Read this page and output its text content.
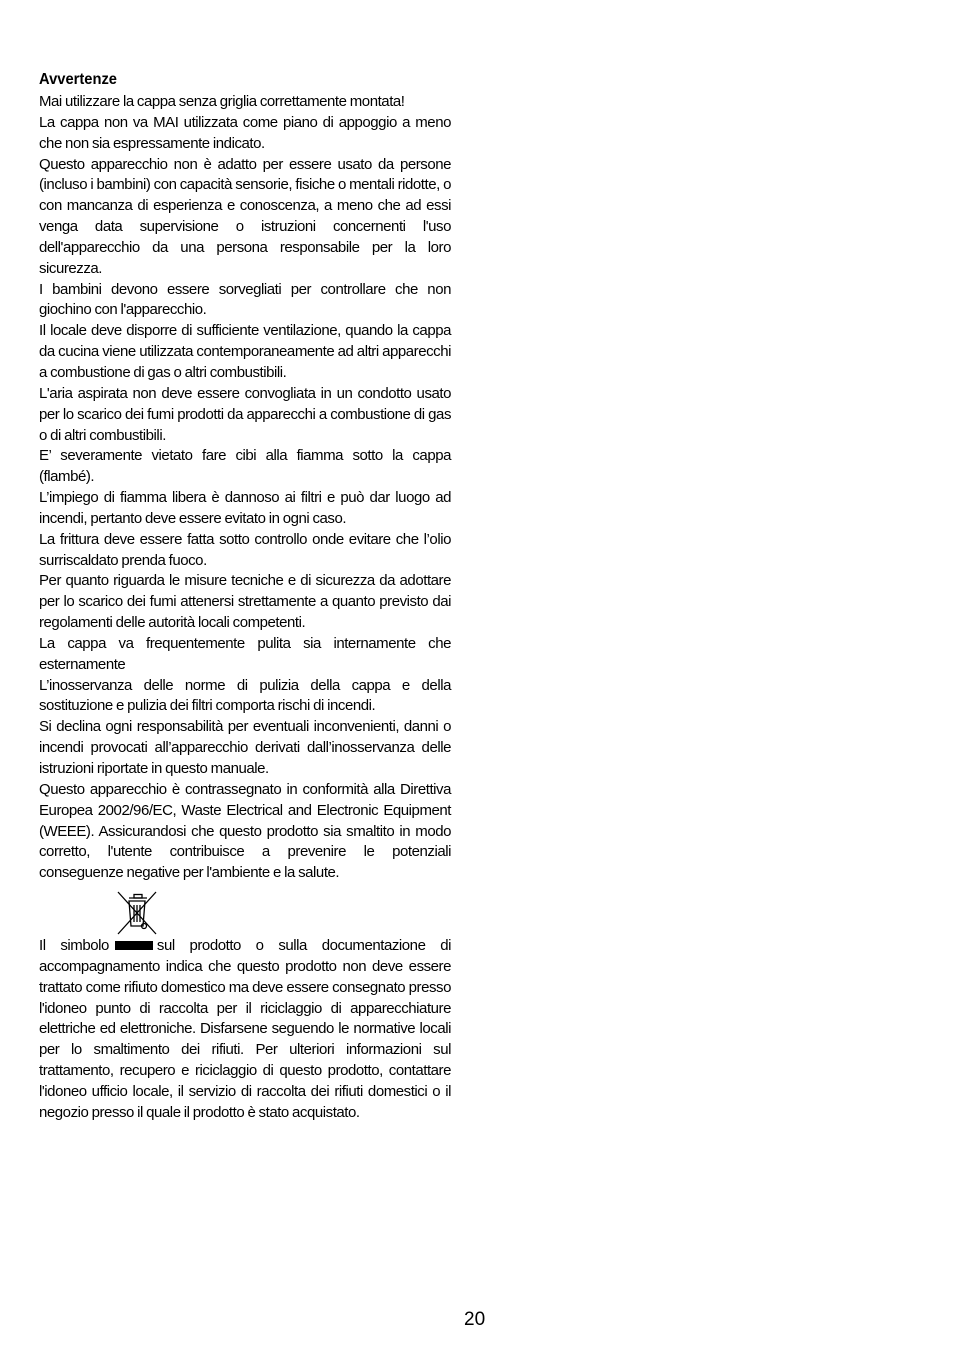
Avvertenze

Mai utilizzare la cappa senza griglia correttamente montata!

La cappa non va MAI utilizzata come piano di appoggio a meno che non sia espressamente indicato.

Questo apparecchio non è adatto per essere usato da persone (incluso i bambini) con capacità sensorie, fisiche o mentali ridotte, o con mancanza di esperienza e conoscenza, a meno che ad essi venga data supervisione o istruzioni concernenti l'uso dell'apparecchio da una persona responsabile per la loro sicurezza.

I bambini devono essere sorvegliati per controllare che non giochino con l'apparecchio.

Il locale deve disporre di sufficiente ventilazione, quando la cappa da cucina viene utilizzata contemporaneamente ad altri apparecchi a combustione di gas o altri combustibili.

L'aria aspirata non deve essere convogliata in un condotto usato per lo scarico dei fumi prodotti da apparecchi a combustione di gas o di altri combustibili.

E’ severamente vietato fare cibi alla fiamma sotto la cappa (flambé).

L’impiego di fiamma libera è dannoso ai filtri e può dar luogo ad incendi, pertanto deve essere evitato in ogni caso.

La frittura deve essere fatta sotto controllo onde evitare che l’olio surriscaldato prenda fuoco.

Per quanto riguarda le misure tecniche e di sicurezza da adottare per lo scarico dei fumi attenersi strettamente a quanto previsto dai regolamenti delle autorità locali competenti.

La cappa va frequentemente pulita sia internamente che esternamente

L’inosservanza delle norme di pulizia della cappa e della sostituzione e pulizia dei filtri comporta rischi di incendi.

Si declina ogni responsabilità per eventuali inconvenienti, danni o incendi provocati all’apparecchio derivati dall’inosservanza delle istruzioni riportate in questo manuale.

Questo apparecchio è contrassegnato in conformità alla Direttiva Europea 2002/96/EC, Waste Electrical and Electronic Equipment (WEEE). Assicurandosi che questo prodotto sia smaltito in modo corretto, l'utente contribuisce a prevenire le potenziali conseguenze negative per l'ambiente e la salute.

Il simbolo	sul prodotto o sulla documentazione di accompagnamento indica che questo prodotto non deve essere trattato come rifiuto domestico ma deve essere consegnato presso l'idoneo punto di raccolta per il riciclaggio di apparecchiature elettriche ed elettroniche. Disfarsene seguendo le normative locali per lo smaltimento dei rifiuti. Per ulteriori informazioni sul trattamento, recupero e riciclaggio di questo prodotto, contattare l'idoneo ufficio locale, il servizio di raccolta dei rifiuti domestici o il negozio presso il quale il prodotto è stato acquistato.

20
